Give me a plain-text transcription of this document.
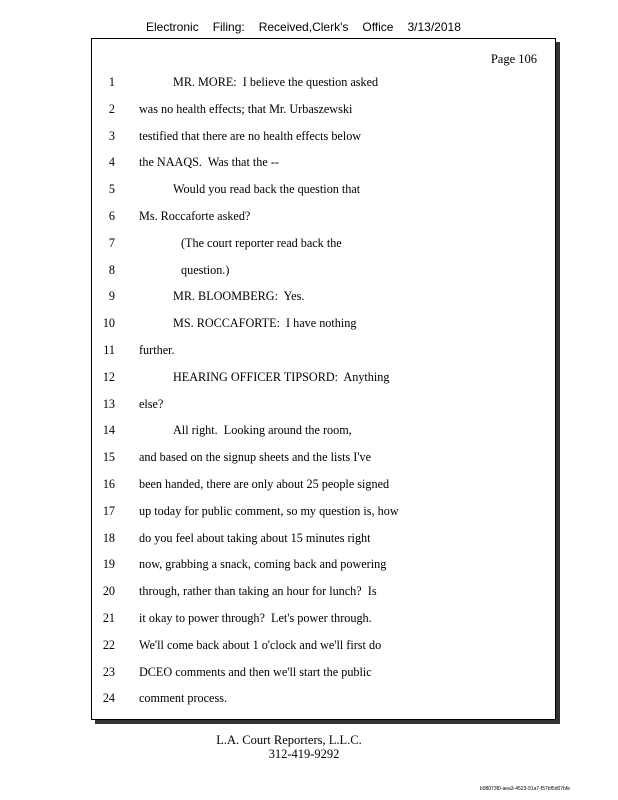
Electronic Filing: Received,Clerk's Office 3/13/2018
Page 106
1	MR. MORE:  I believe the question asked
2 was no health effects; that Mr. Urbaszewski
3 testified that there are no health effects below
4 the NAAQS.  Was that the --
5	Would you read back the question that
6 Ms. Roccaforte asked?
7	(The court reporter read back the
8	question.)
9	MR. BLOOMBERG:  Yes.
10	MS. ROCCAFORTE:  I have nothing
11 further.
12	HEARING OFFICER TIPSORD:  Anything
13 else?
14	All right.  Looking around the room,
15 and based on the signup sheets and the lists I've
16 been handed, there are only about 25 people signed
17 up today for public comment, so my question is, how
18 do you feel about taking about 15 minutes right
19 now, grabbing a snack, coming back and powering
20 through, rather than taking an hour for lunch?  Is
21 it okay to power through?  Let's power through.
22 We'll come back about 1 o'clock and we'll first do
23 DCEO comments and then we'll start the public
24 comment process.
L.A. Court Reporters, L.L.C.
312-419-9292
b98073f0-aea3-4523-91a7-f57bf5d07bfe
